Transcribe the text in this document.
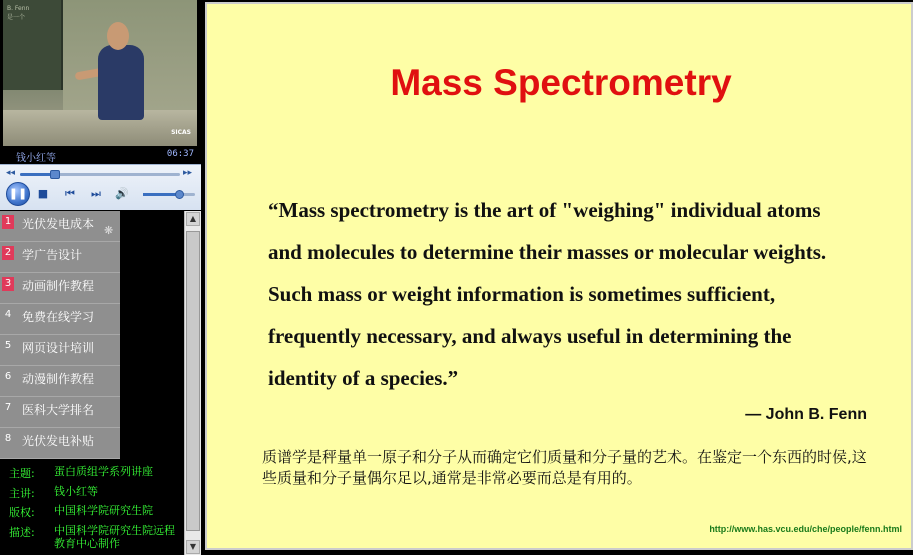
B. Fenn
是一个
SICAS
钱小红等	06:37
◂◂	▸▸
❚❚ ■ ⏮ ⏭ 🔊
1 光伏发电成本
2 学广告设计
3 动画制作教程
4 免费在线学习
5 网页设计培训
6 动漫制作教程
7 医科大学排名
8 光伏发电补贴
❋
▲
▼
主题: 蛋白质组学系列讲座
主讲: 钱小红等
版权: 中国科学院研究生院
描述: 中国科学院研究生院远程教育中心制作
Mass Spectrometry
“Mass spectrometry is the art of "weighing" individual atoms and molecules to determine their masses or molecular weights. Such mass or weight information is sometimes sufficient, frequently necessary, and always useful in determining the identity of a species.”
— John B. Fenn
质谱学是秤量单一原子和分子从而确定它们质量和分子量的艺术。在鉴定一个东西的时侯,这些质量和分子量偶尔足以,通常是非常必要而总是有用的。
http://www.has.vcu.edu/che/people/fenn.html
